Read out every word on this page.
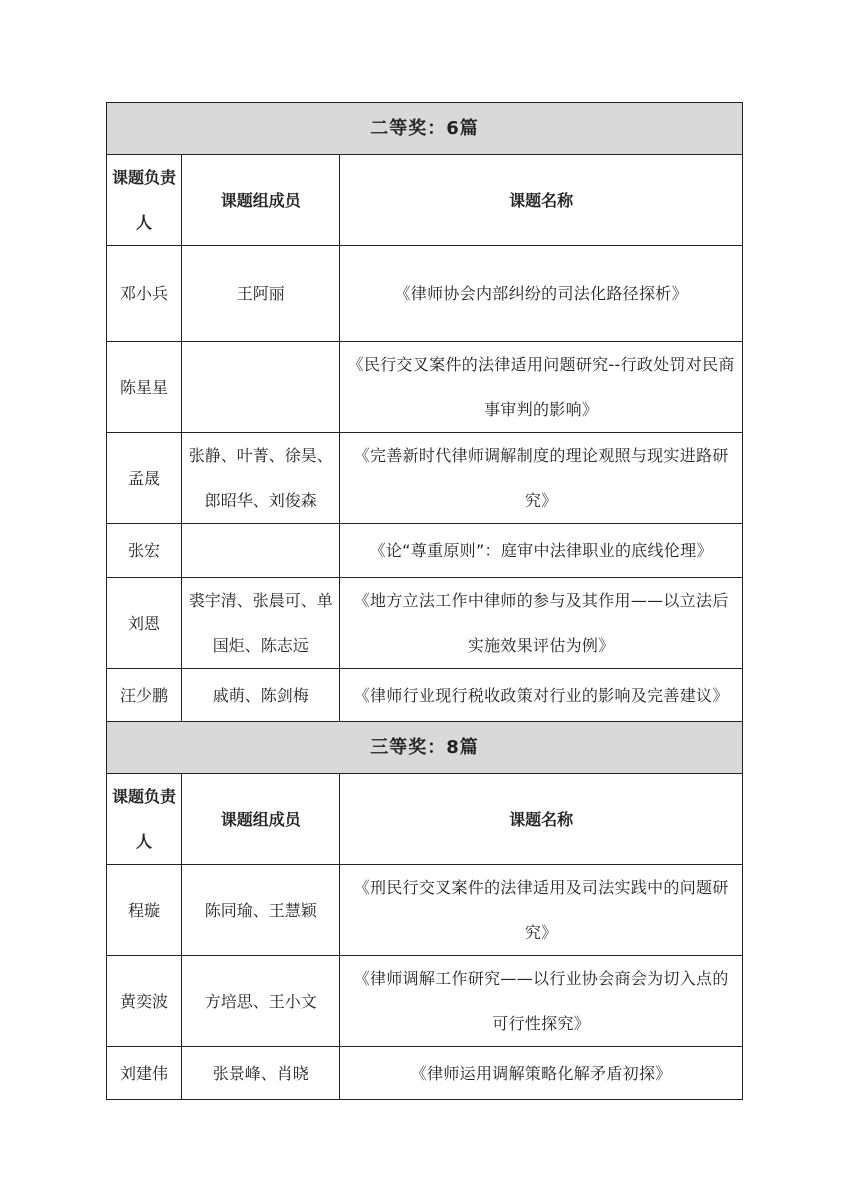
二等奖：6篇		
课题负责人	课题组成员	课题名称
邓小兵	王阿丽	《律师协会内部纠纷的司法化路径探析》
陈星星		《民行交叉案件的法律适用问题研究--行政处罚对民商事审判的影响》
孟晟	张静、叶菁、徐昊、郎昭华、刘俊森	《完善新时代律师调解制度的理论观照与现实进路研究》
张宏		《论“尊重原则”：庭审中法律职业的底线伦理》
刘恩	裘宇清、张晨可、单国炬、陈志远	《地方立法工作中律师的参与及其作用——以立法后实施效果评估为例》
汪少鹏	戚萌、陈剑梅	《律师行业现行税收政策对行业的影响及完善建议》
三等奖：8篇		
课题负责人	课题组成员	课题名称
程璇	陈同瑜、王慧颖	《刑民行交叉案件的法律适用及司法实践中的问题研究》
黄奕波	方培思、王小文	《律师调解工作研究——以行业协会商会为切入点的可行性探究》
刘建伟	张景峰、肖晓	《律师运用调解策略化解矛盾初探》
